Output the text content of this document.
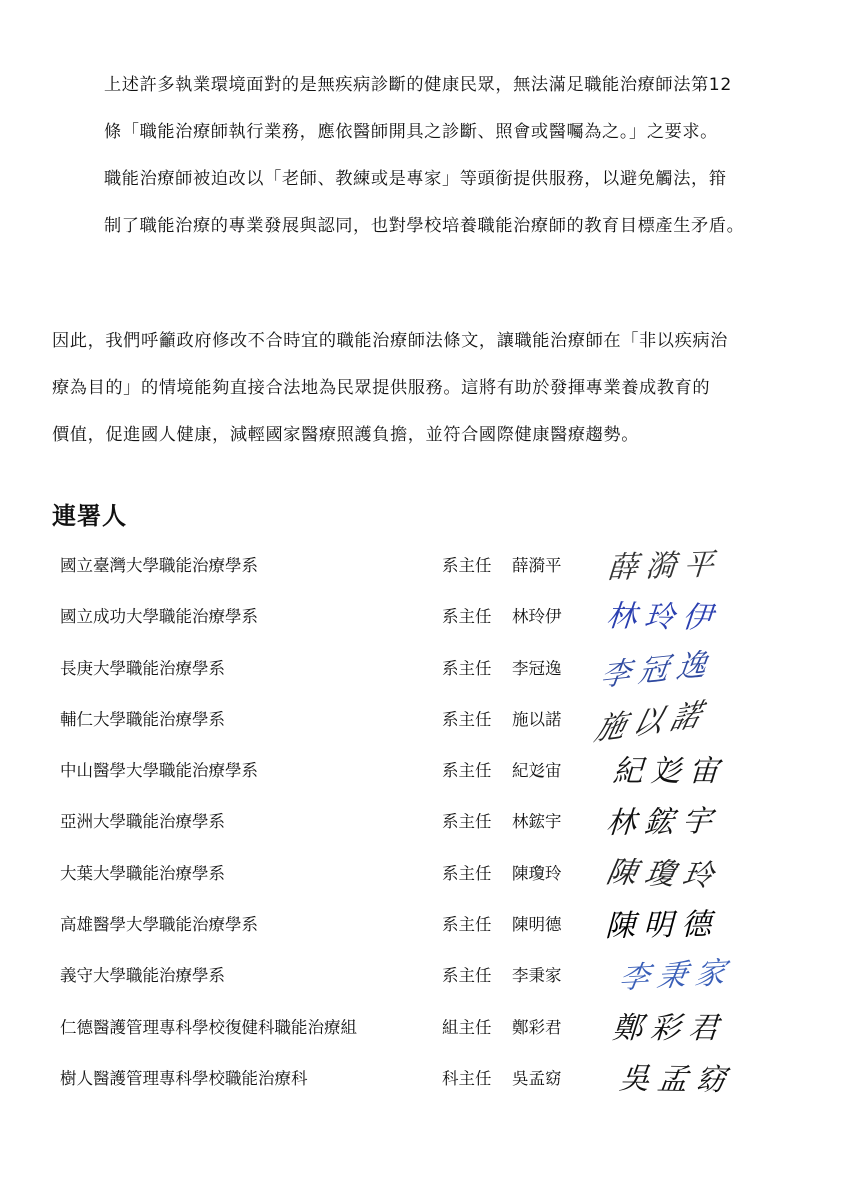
上述許多執業環境面對的是無疾病診斷的健康民眾，無法滿足職能治療師法第12

條「職能治療師執行業務，應依醫師開具之診斷、照會或醫囑為之。」之要求。

職能治療師被迫改以「老師、教練或是專家」等頭銜提供服務，以避免觸法，箝

制了職能治療的專業發展與認同，也對學校培養職能治療師的教育目標產生矛盾。

因此，我們呼籲政府修改不合時宜的職能治療師法條文，讓職能治療師在「非以疾病治

療為目的」的情境能夠直接合法地為民眾提供服務。這將有助於發揮專業養成教育的

價值，促進國人健康，減輕國家醫療照護負擔，並符合國際健康醫療趨勢。

連署人
國立臺灣大學職能治療學系	系主任 薛漪平 薛漪平
國立成功大學職能治療學系	系主任 林玲伊 林玲伊
長庚大學職能治療學系	系主任 李冠逸 李冠逸
輔仁大學職能治療學系	系主任 施以諾 施以諾
中山醫學大學職能治療學系	系主任 紀彣宙 紀彣宙
亞洲大學職能治療學系	系主任 林鋐宇 林鋐宇
大葉大學職能治療學系	系主任 陳瓊玲 陳瓊玲
高雄醫學大學職能治療學系	系主任 陳明德 陳明德
義守大學職能治療學系	系主任 李秉家 李秉家
仁德醫護管理專科學校復健科職能治療組	組主任 鄭彩君 鄭彩君
樹人醫護管理專科學校職能治療科	科主任 吳孟窈 吳孟窈
